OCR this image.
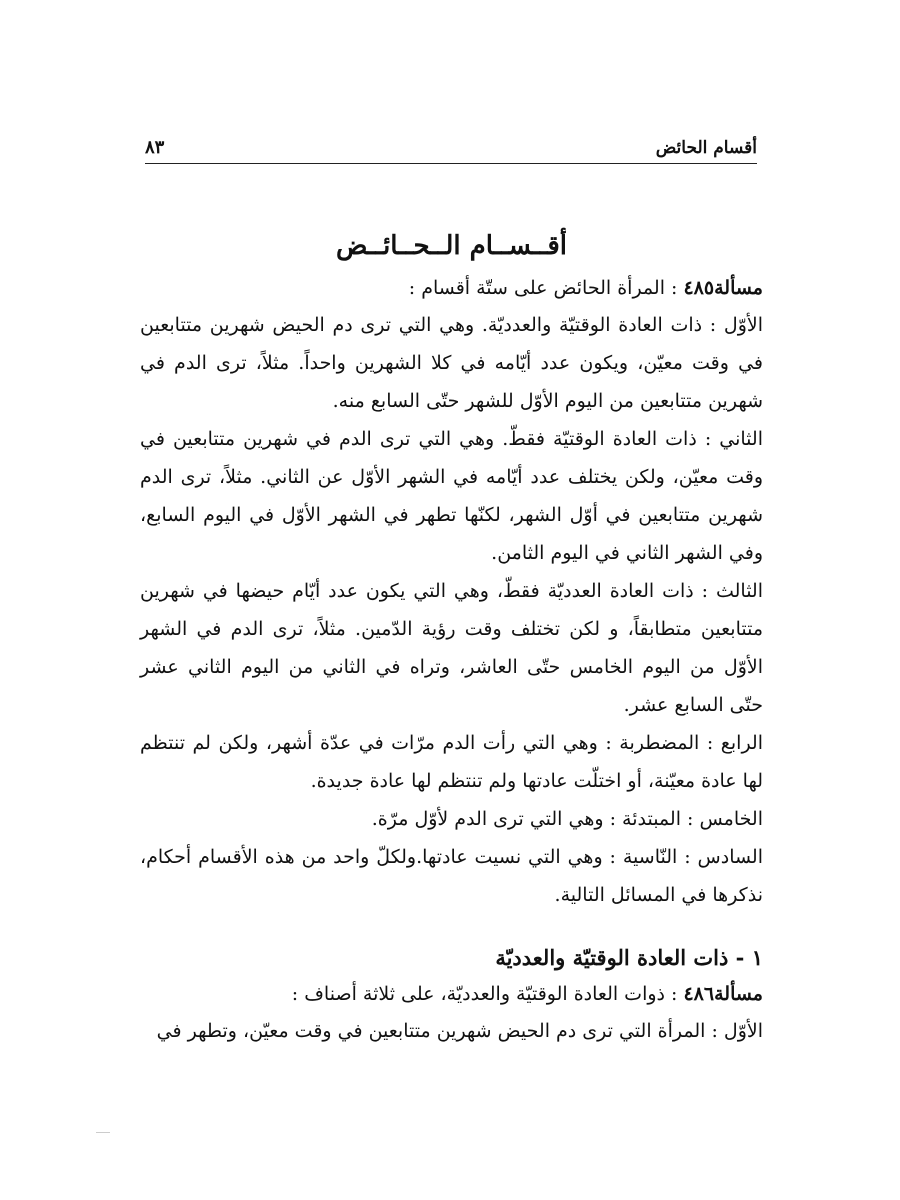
أقسام الحائض
٨٣
أقــســام الــحــائــض

مسألة٤٨٥ : المرأة الحائض على ستّة أقسام :

الأوّل : ذات العادة الوقتيّة والعدديّة. وهي التي ترى دم الحيض شهرين متتابعين في وقت معيّن، ويكون عدد أيّامه في كلا الشهرين واحداً. مثلاً، ترى الدم في شهرين متتابعين من اليوم الأوّل للشهر حتّى السابع منه.

الثاني : ذات العادة الوقتيّة فقطّ. وهي التي ترى الدم في شهرين متتابعين في وقت معيّن، ولكن يختلف عدد أيّامه في الشهر الأوّل عن الثاني. مثلاً، ترى الدم شهرين متتابعين في أوّل الشهر، لكنّها تطهر في الشهر الأوّل في اليوم السابع، وفي الشهر الثاني في اليوم الثامن.

الثالث : ذات العادة العدديّة فقطّ، وهي التي يكون عدد أيّام حيضها في شهرين متتابعين متطابقاً، و لكن تختلف وقت رؤية الدّمين. مثلاً، ترى الدم في الشهر الأوّل من اليوم الخامس حتّى العاشر، وتراه في الثاني من اليوم الثاني عشر حتّى السابع عشر.

الرابع : المضطربة : وهي التي رأت الدم مرّات في عدّة أشهر، ولكن لم تنتظم لها عادة معيّنة، أو اختلّت عادتها ولم تنتظم لها عادة جديدة.

الخامس : المبتدئة : وهي التي ترى الدم لأوّل مرّة.

السادس : النّاسية : وهي التي نسيت عادتها.ولكلّ واحد من هذه الأقسام أحكام، نذكرها في المسائل التالية.

١ - ذات العادة الوقتيّة والعدديّة

مسألة٤٨٦ : ذوات العادة الوقتيّة والعدديّة، على ثلاثة أصناف :

الأوّل : المرأة التي ترى دم الحيض شهرين متتابعين في وقت معيّن، وتطهر في
